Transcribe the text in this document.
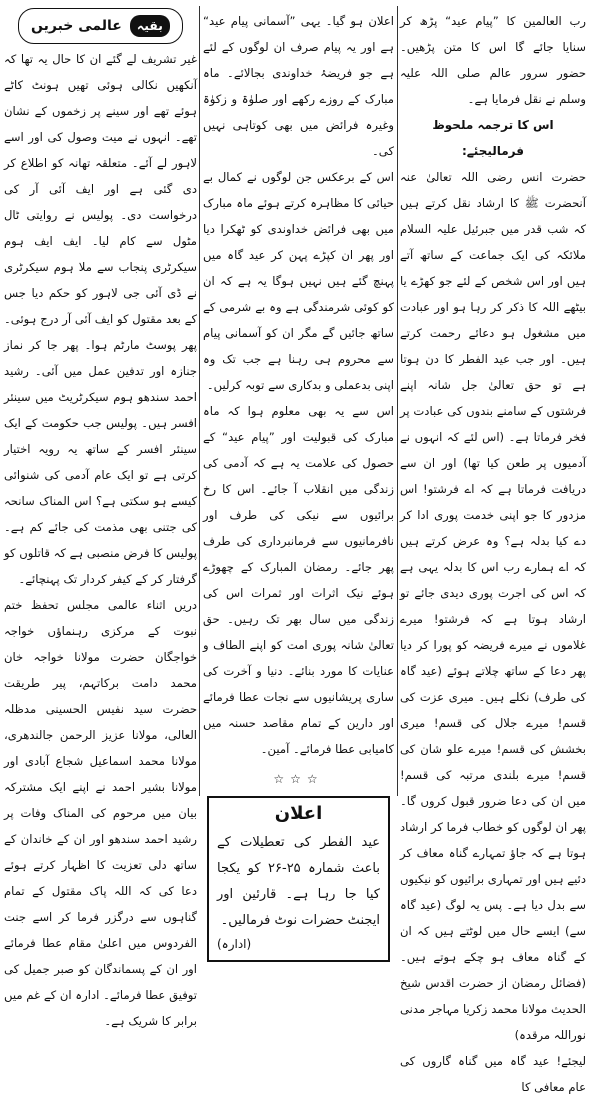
رب العالمین کا ”پیام عید“ پڑھ کر سنایا جائے گا اس کا متن پڑھیں۔ حضور سرور عالم صلی اللہ علیہ وسلم نے نقل فرمایا ہے۔

اس کا ترجمہ ملحوظ فرمالیجئے:

حضرت انس رضی اللہ تعالیٰ عنہ آنحضرت ﷺ کا ارشاد نقل کرتے ہیں کہ شب قدر میں جبرئیل علیہ السلام ملائکہ کی ایک جماعت کے ساتھ آتے ہیں اور اس شخص کے لئے جو کھڑے یا بیٹھے اللہ کا ذکر کر رہا ہو اور عبادت میں مشغول ہو دعائے رحمت کرتے ہیں۔ اور جب عید الفطر کا دن ہوتا ہے تو حق تعالیٰ جل شانہ اپنے فرشتوں کے سامنے بندوں کی عبادت پر فخر فرماتا ہے۔ (اس لئے کہ انہوں نے آدمیوں پر طعن کیا تھا) اور ان سے دریافت فرماتا ہے کہ اے فرشتو! اس مزدور کا جو اپنی خدمت پوری ادا کر دے کیا بدلہ ہے؟ وہ عرض کرتے ہیں کہ اے ہمارے رب اس کا بدلہ یہی ہے کہ اس کی اجرت پوری دیدی جائے تو ارشاد ہوتا ہے کہ فرشتو! میرے غلاموں نے میرے فریضہ کو پورا کر دیا پھر دعا کے ساتھ چلاتے ہوئے (عید گاہ کی طرف) نکلے ہیں۔ میری عزت کی قسم! میرے جلال کی قسم! میری بخشش کی قسم! میرے علو شان کی قسم! میرے بلندی مرتبہ کی قسم! میں ان کی دعا ضرور قبول کروں گا۔ پھر ان لوگوں کو خطاب فرما کر ارشاد ہوتا ہے کہ جاؤ تمہارے گناہ معاف کر دئیے ہیں اور تمہاری برائیوں کو نیکیوں سے بدل دیا ہے۔ پس یہ لوگ (عید گاہ سے) ایسے حال میں لوٹتے ہیں کہ ان کے گناہ معاف ہو چکے ہوتے ہیں۔ (فضائل رمضان از حضرت اقدس شیخ الحدیث مولانا محمد زکریا مہاجر مدنی نوراللہ مرقدہ)

لیجئے! عید گاہ میں گناہ گاروں کی عام معافی کا

اعلان ہو گیا۔ یہی ”آسمانی پیام عید“ ہے اور یہ پیام صرف ان لوگوں کے لئے ہے جو فریضۂ خداوندی بجالائے۔ ماہ مبارک کے روزے رکھے اور صلوٰۃ و زکوٰۃ وغیرہ فرائض میں بھی کوتاہی نہیں کی۔

اس کے برعکس جن لوگوں نے کمال بے حیائی کا مظاہرہ کرتے ہوئے ماہ مبارک میں بھی فرائض خداوندی کو ٹھکرا دیا اور پھر ان کپڑے پہن کر عید گاہ میں پہنچ گئے ہیں نہیں ہوگا یہ ہے کہ ان کو کوئی شرمندگی ہے وہ بے شرمی کے ساتھ جائیں گے مگر ان کو آسمانی پیام سے محروم ہی رہنا ہے جب تک وہ اپنی بدعملی و بدکاری سے توبہ کرلیں۔

اس سے یہ بھی معلوم ہوا کہ ماہ مبارک کی قبولیت اور ”پیام عید“ کے حصول کی علامت یہ ہے کہ آدمی کی زندگی میں انقلاب آ جائے۔ اس کا رخ برائیوں سے نیکی کی طرف اور نافرمانیوں سے فرمانبرداری کی طرف پھر جائے۔ رمضان المبارک کے چھوڑے ہوئے نیک اثرات اور ثمرات اس کی زندگی میں سال بھر تک رہیں۔ حق تعالیٰ شانہ پوری امت کو اپنے الطاف و عنایات کا مورد بنائے۔ دنیا و آخرت کی ساری پریشانیوں سے نجات عطا فرمائے اور دارین کے تمام مقاصد حسنہ میں کامیابی عطا فرمائے۔ آمین۔

☆☆☆
اعلان
عید الفطر کی تعطیلات کے باعث شمارہ ۲۵-۲۶ کو یکجا کیا جا رہا ہے۔ قارئین اور ایجنٹ حضرات نوٹ فرمالیں۔
(ادارہ)
بقیہ
عالمی خبریں

غیر تشریف لے گئے ان کا حال یہ تھا کہ آنکھیں نکالی ہوئی تھیں ہونٹ کاٹے ہوئے تھے اور سینے پر زخموں کے نشان تھے۔ انہوں نے میت وصول کی اور اسے لاہور لے آئے۔ متعلقہ تھانہ کو اطلاع کر دی گئی ہے اور ایف آئی آر کی درخواست دی۔ پولیس نے روایتی ٹال مٹول سے کام لیا۔ ایف ایف ہوم سیکرٹری پنجاب سے ملا ہوم سیکرٹری نے ڈی آئی جی لاہور کو حکم دیا جس کے بعد مقتول کو ایف آئی آر درج ہوئی۔ پھر پوسٹ مارٹم ہوا۔ پھر جا کر نماز جنازہ اور تدفین عمل میں آئی۔ رشید احمد سندھو ہوم سیکرٹریٹ میں سینئر افسر ہیں۔ پولیس جب حکومت کے ایک سینئر افسر کے ساتھ یہ رویہ اختیار کرتی ہے تو ایک عام آدمی کی شنوائی کیسے ہو سکتی ہے؟ اس المناک سانحہ کی جتنی بھی مذمت کی جائے کم ہے۔ پولیس کا فرض منصبی ہے کہ قاتلوں کو گرفتار کر کے کیفر کردار تک پہنچائے۔

دریں اثناء عالمی مجلس تحفظ ختم نبوت کے مرکزی رہنماؤں خواجہ خواجگان حضرت مولانا خواجہ خان محمد دامت برکاتہم، پیر طریقت حضرت سید نفیس الحسینی مدظلہ العالی، مولانا عزیز الرحمن جالندھری، مولانا محمد اسماعیل شجاع آبادی اور مولانا بشیر احمد نے اپنے ایک مشترکہ بیان میں مرحوم کی المناک وفات پر رشید احمد سندھو اور ان کے خاندان کے ساتھ دلی تعزیت کا اظہار کرتے ہوئے دعا کی کہ اللہ پاک مقتول کے تمام گناہوں سے درگزر فرما کر اسے جنت الفردوس میں اعلیٰ مقام عطا فرمائے اور ان کے پسماندگان کو صبر جمیل کی توفیق عطا فرمائے۔ ادارہ ان کے غم میں برابر کا شریک ہے۔
